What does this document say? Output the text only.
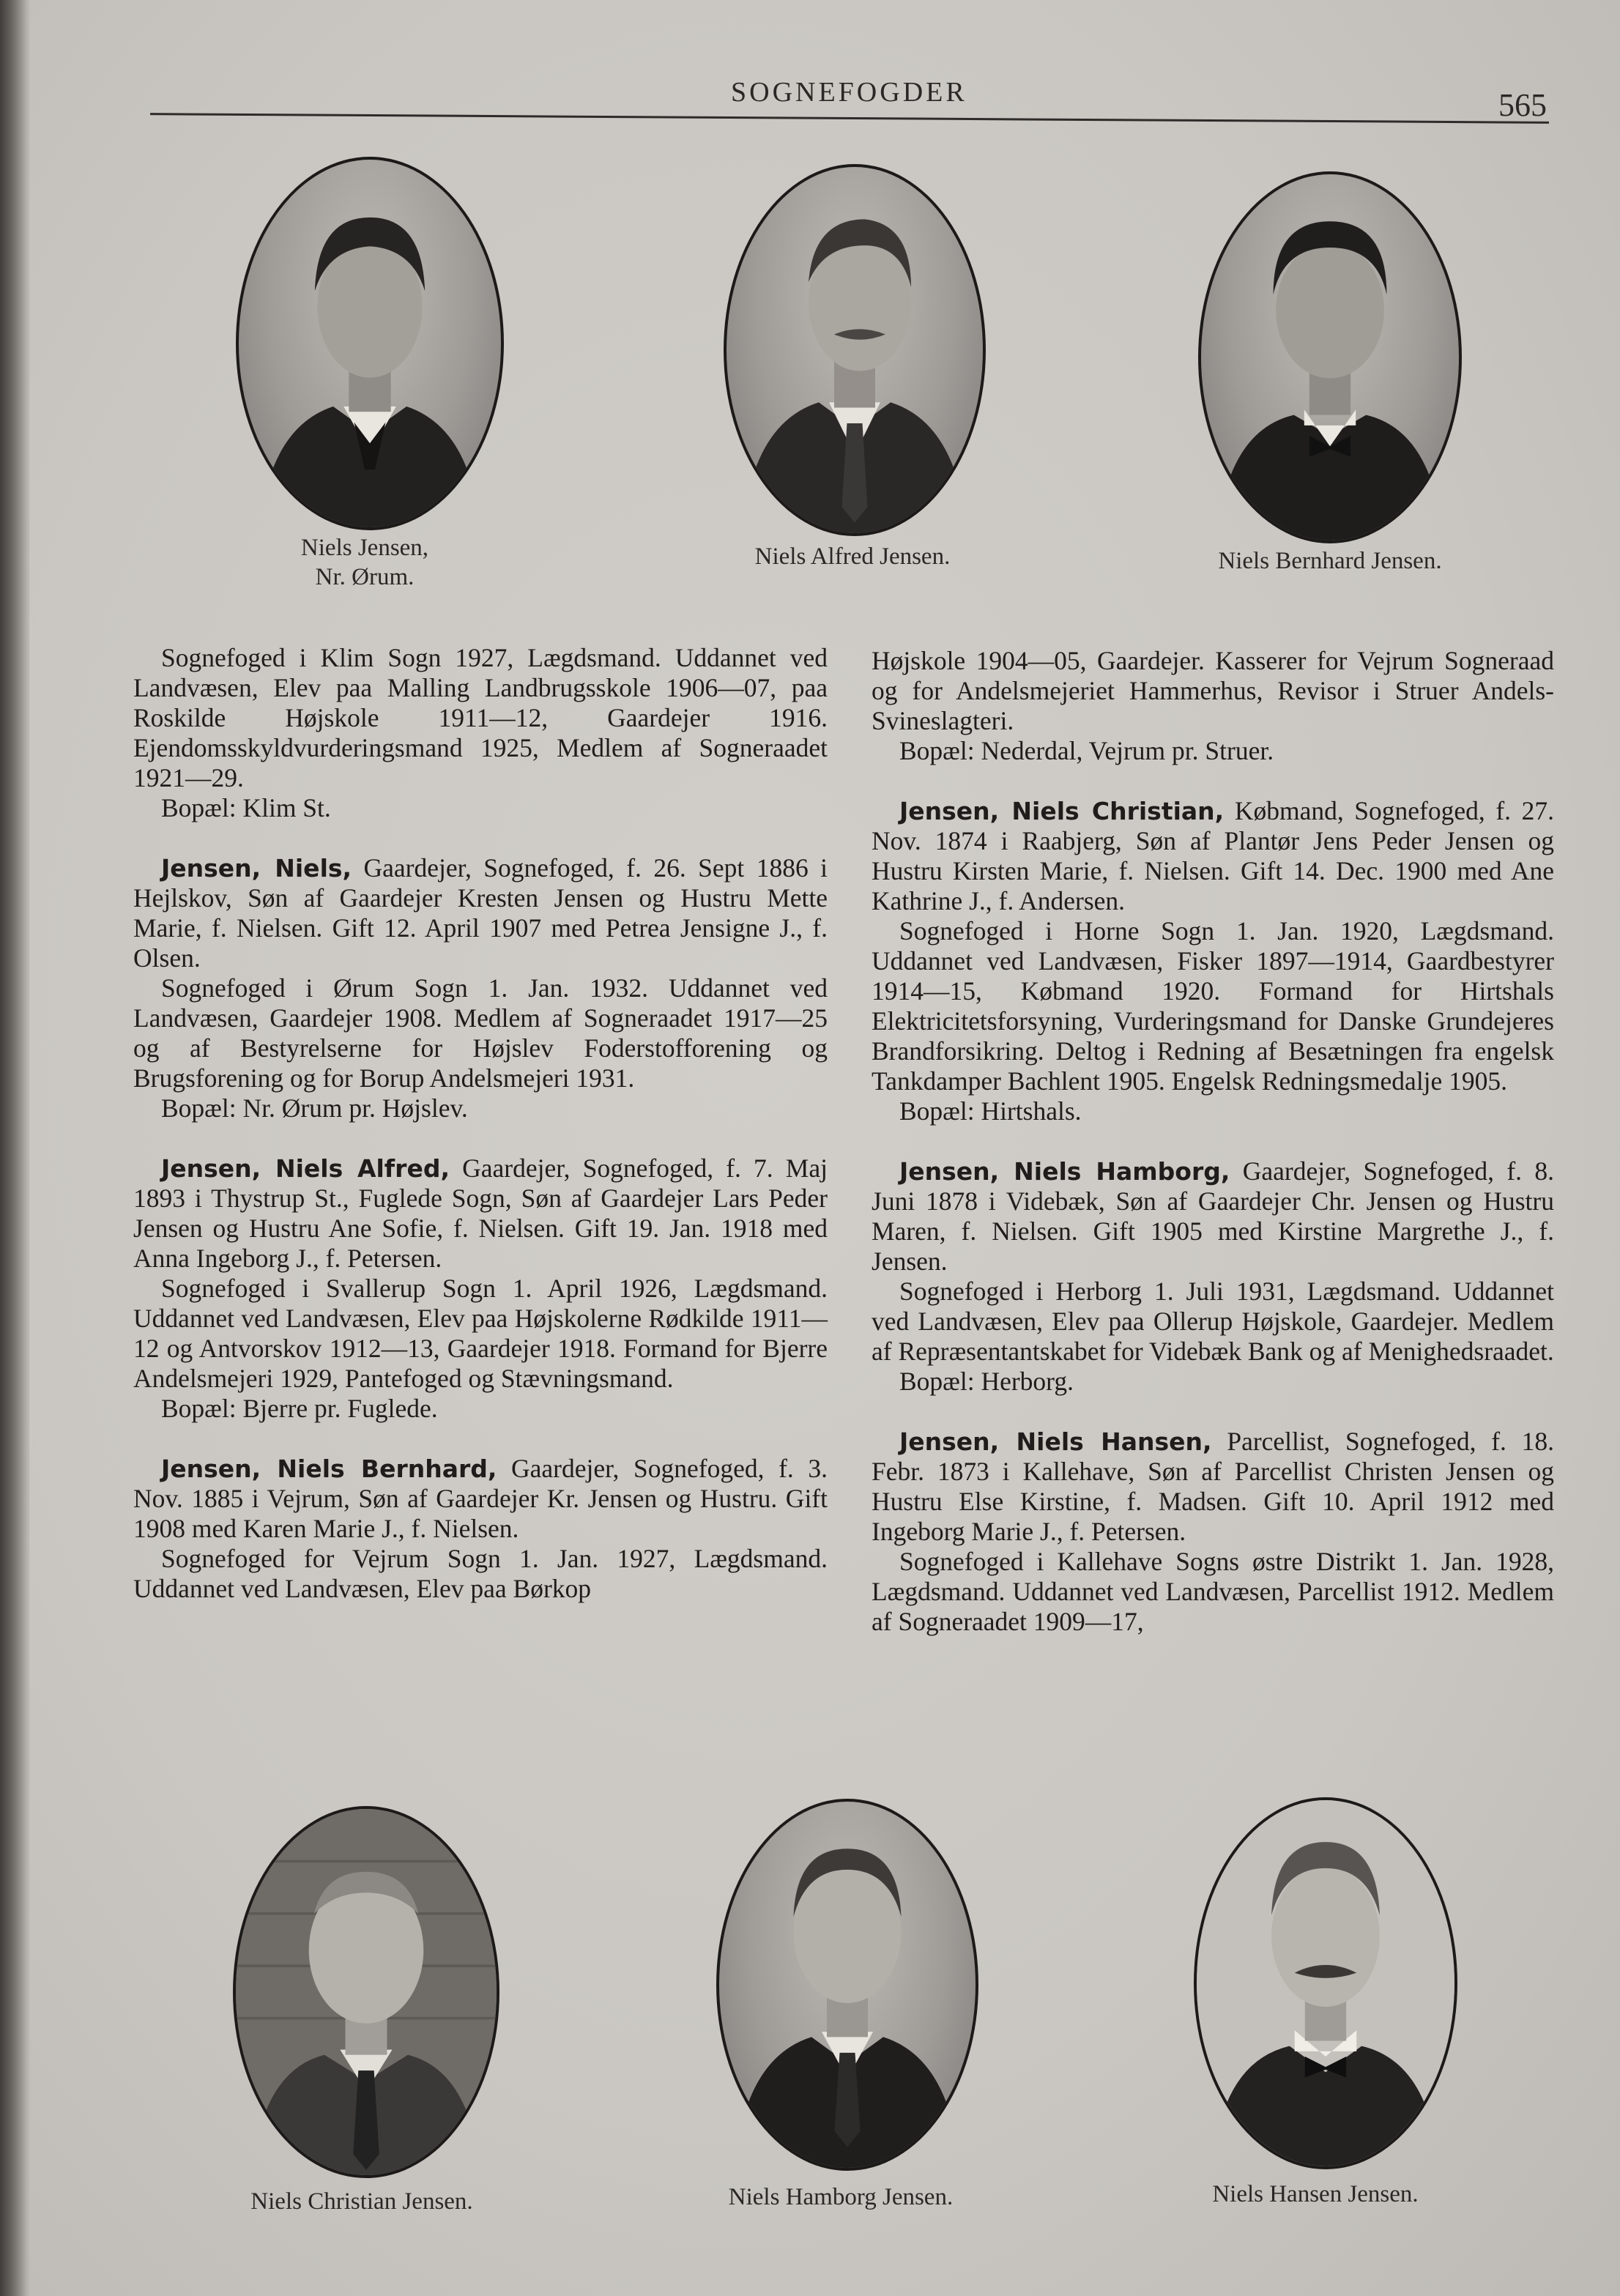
SOGNEFOGDER	565
Niels Jensen,
Nr. Ørum.
Niels Alfred Jensen.	Niels Bernhard Jensen.

Sognefoged i Klim Sogn 1927, Lægdsmand. Uddannet ved Landvæsen, Elev paa Malling Landbrugsskole 1906—07, paa Roskilde Højskole 1911—12, Gaardejer 1916. Ejendomsskyldvurderingsmand 1925, Medlem af Sogneraadet 1921—29.

Bopæl: Klim St.

Jensen, Niels, Gaardejer, Sognefoged, f. 26. Sept 1886 i Hejlskov, Søn af Gaardejer Kresten Jensen og Hustru Mette Marie, f. Nielsen. Gift 12. April 1907 med Petrea Jensigne J., f. Olsen.

Sognefoged i Ørum Sogn 1. Jan. 1932. Uddannet ved Landvæsen, Gaardejer 1908. Medlem af Sogneraadet 1917—25 og af Bestyrelserne for Højslev Foderstofforening og Brugsforening og for Borup Andelsmejeri 1931.

Bopæl: Nr. Ørum pr. Højslev.

Jensen, Niels Alfred, Gaardejer, Sognefoged, f. 7. Maj 1893 i Thystrup St., Fuglede Sogn, Søn af Gaardejer Lars Peder Jensen og Hustru Ane Sofie, f. Nielsen. Gift 19. Jan. 1918 med Anna Ingeborg J., f. Petersen.

Sognefoged i Svallerup Sogn 1. April 1926, Lægdsmand. Uddannet ved Landvæsen, Elev paa Højskolerne Rødkilde 1911—12 og Antvorskov 1912—13, Gaardejer 1918. Formand for Bjerre Andelsmejeri 1929, Pantefoged og Stævningsmand.

Bopæl: Bjerre pr. Fuglede.

Jensen, Niels Bernhard, Gaardejer, Sognefoged, f. 3. Nov. 1885 i Vejrum, Søn af Gaardejer Kr. Jensen og Hustru. Gift 1908 med Karen Marie J., f. Nielsen.

Sognefoged for Vejrum Sogn 1. Jan. 1927, Lægdsmand. Uddannet ved Landvæsen, Elev paa Børkop

Højskole 1904—05, Gaardejer. Kasserer for Vejrum Sogneraad og for Andelsmejeriet Hammerhus, Revisor i Struer Andels-Svineslagteri.

Bopæl: Nederdal, Vejrum pr. Struer.

Jensen, Niels Christian, Købmand, Sognefoged, f. 27. Nov. 1874 i Raabjerg, Søn af Plantør Jens Peder Jensen og Hustru Kirsten Marie, f. Nielsen. Gift 14. Dec. 1900 med Ane Kathrine J., f. Andersen.

Sognefoged i Horne Sogn 1. Jan. 1920, Lægdsmand. Uddannet ved Landvæsen, Fisker 1897—1914, Gaardbestyrer 1914—15, Købmand 1920. Formand for Hirtshals Elektricitetsforsyning, Vurderingsmand for Danske Grundejeres Brandforsikring. Deltog i Redning af Besætningen fra engelsk Tankdamper Bachlent 1905. Engelsk Redningsmedalje 1905.

Bopæl: Hirtshals.

Jensen, Niels Hamborg, Gaardejer, Sognefoged, f. 8. Juni 1878 i Videbæk, Søn af Gaardejer Chr. Jensen og Hustru Maren, f. Nielsen. Gift 1905 med Kirstine Margrethe J., f. Jensen.

Sognefoged i Herborg 1. Juli 1931, Lægdsmand. Uddannet ved Landvæsen, Elev paa Ollerup Højskole, Gaardejer. Medlem af Repræsentantskabet for Videbæk Bank og af Menighedsraadet.

Bopæl: Herborg.

Jensen, Niels Hansen, Parcellist, Sognefoged, f. 18. Febr. 1873 i Kallehave, Søn af Parcellist Christen Jensen og Hustru Else Kirstine, f. Madsen. Gift 10. April 1912 med Ingeborg Marie J., f. Petersen.

Sognefoged i Kallehave Sogns østre Distrikt 1. Jan. 1928, Lægdsmand. Uddannet ved Landvæsen, Parcellist 1912. Medlem af Sogneraadet 1909—17,

Niels Christian Jensen.	Niels Hamborg Jensen.	Niels Hansen Jensen.
